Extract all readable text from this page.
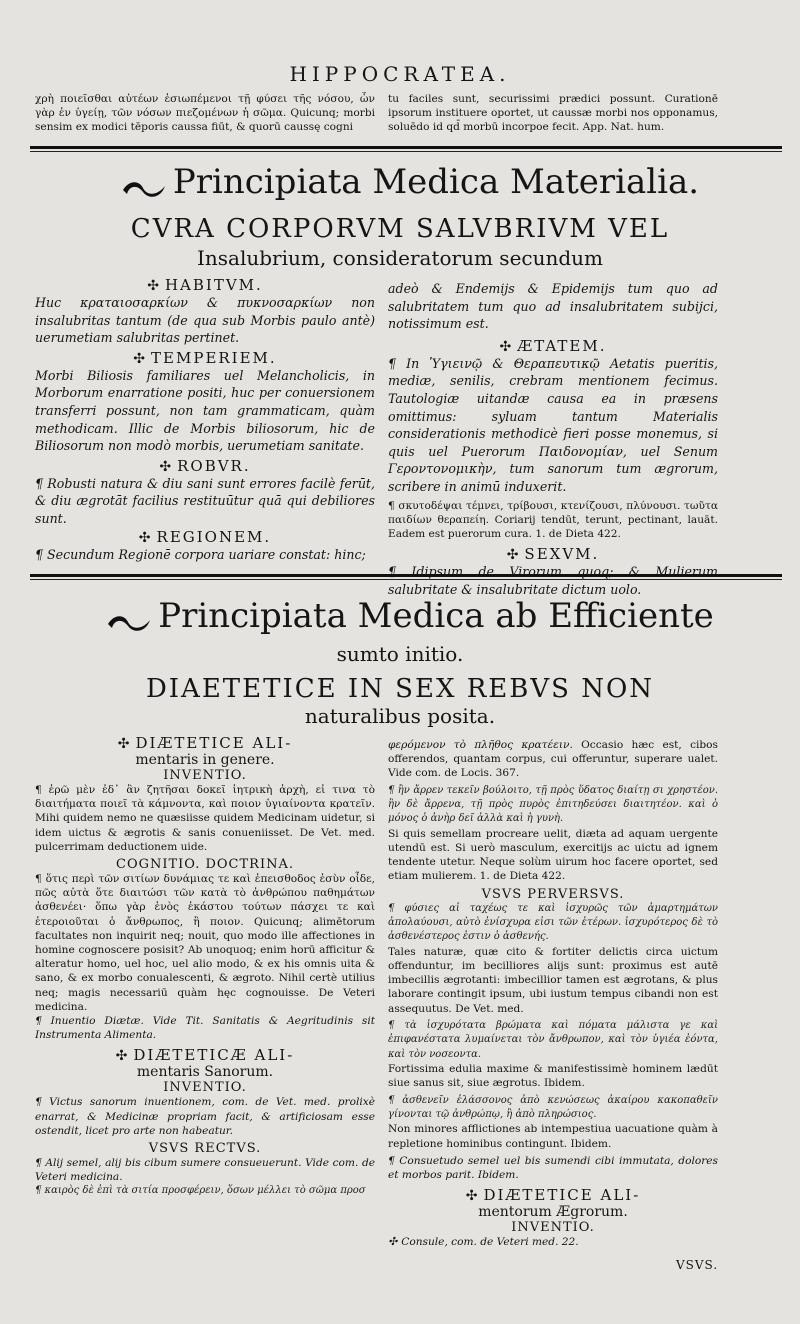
HIPPOCRATEA.
χρὴ ποιεῖσθαι αὐτέων ἐσιωπέμενοι τῇ φύσει τῆς νόσου, ὧν γὰρ ἐν ὑγείῃ, τῶν νόσων πιεζομένων ἡ σῶμα. Quicunq; morbi sensim ex modici tēporis caussa fiūt, & quorū caussę cogni
tu faciles sunt, securissimi prædici possunt. Curationē ipsorum instituere oportet, ut caussæ morbi nos opponamus, soluēdo id qd̄ morbū incorpoe fecit. App. Nat. hum.
Principiata Medica Materialia.
CVRA CORPORVM SALVBRIVM VEL
Insalubrium, consideratorum secundum
✣ HABITVM.
Huc κραταιοσαρκίων & πυκνοσαρκίων non insalubritas tantum (de qua sub Morbis paulo antè) uerumetiam salubritas pertinet.
✣ TEMPERIEM.
Morbi Biliosis familiares uel Melancholicis, in Morborum enarratione positi, huc per conuersionem transferri possunt, non tam grammaticam, quàm methodicam. Illic de Morbis biliosorum, hic de Biliosorum non modò morbis, uerumetiam sanitate.
✣ ROBVR.
¶ Robusti natura & diu sani sunt errores facilè ferūt, & diu ægrotāt facilius restituūtur quā qui debiliores sunt.
✣ REGIONEM.
¶ Secundum Regionē corpora uariare constat: hinc;
adeò & Endemijs & Epidemijs tum quo ad salubritatem tum quo ad insalubritatem subijci, notissimum est.
✣ ÆTATEM.
¶ In Ὑγιεινῷ & Θεραπευτικῷ Aetatis pueritis, mediæ, senilis, crebram mentionem fecimus. Tautologiæ uitandæ causa ea in præsens omittimus: syluam tantum Materialis considerationis methodicè fieri posse monemus, si quis uel Puerorum Παιδονομίαν, uel Senum Γεροντονομικὴν, tum sanorum tum ægrorum, scribere in animū induxerit.
¶ σκυτοδέψαι τέμνει, τρίβουσι, κτενίζουσι, πλύνουσι. τωῦτα παιδίων θεραπείη. Coriarij tendūt, terunt, pectinant, lauāt. Eadem est puerorum cura. 1. de Dieta 422.
✣ SEXVM.
¶ Idipsum de Virorum quoq; & Mulierum salubritate & insalubritate dictum uolo.
Principiata Medica ab Efficiente
sumto initio.
DIAETETICE IN SEX REBVS NON
naturalibus posita.
✣ DIÆTETICE ALI-
mentaris in genere.
INVENTIO.
¶ ἐρῶ μὲν ἐδ᾽ ἂν ζητῆσαι δοκεῖ ἰητρικὴ ἀρχὴ, εἰ τινα τὸ διαιτήματα ποιεῖ τὰ κάμνοντα, καὶ ποιον ὑγιαίνοντα κρατεῖν. Mihi quidem nemo ne quæsiisse quidem Medicinam uidetur, si idem uictus & ægrotis & sanis conueniisset. De Vet. med. pulcerrimam deductionem uide.
COGNITIO. DOCTRINA.
¶ ὅτις περὶ τῶν σιτίων δυνάμιας τε καὶ ἐπεισθοδος ἐσὺν οἶδε, πῶς αὐτὰ ὅτε διαιτώσι τῶν κατὰ τὸ ἀνθρώπου παθημάτων ἀσθενέει· ὅπω γὰρ ἑνὸς ἑκάστου τούτων πάσχει τε καὶ ἑτεροιοῦται ὁ ἄνθρωπος, ἢ ποιον. Quicunq; alimētorum facultates non inquirit neq; nouit, quo modo ille affectiones in homine cognoscere posisit? Ab unoquoq; enim horū afficitur & alteratur homo, uel hoc, uel alio modo, & ex his omnis uita & sano, & ex morbo conualescenti, & ægroto. Nihil certè utilius neq; magis necessariū quàm hęc cognouisse. De Veteri medicina.
¶ Inuentio Diætæ. Vide Tit. Sanitatis & Aegritudinis sit Instrumenta Alimenta.
✣ DIÆTETICÆ ALI-
mentaris Sanorum.
INVENTIO.
¶ Victus sanorum inuentionem, com. de Vet. med. prolixè enarrat, & Medicinæ propriam facit, & artificiosam esse ostendit, licet pro arte non habeatur.
VSVS RECTVS.
¶ Alij semel, alij bis cibum sumere consueuerunt. Vide com. de Veteri medicina.
¶ καιρὸς δὲ ἐπὶ τὰ σιτία προσφέρειν, ὅσων μέλλει τὸ σῶμα προσ
φερόμενον τὸ πλῆθος κρατέειν. Occasio hæc est, cibos offerendos, quantam corpus, cui offeruntur, superare ualet. Vide com. de Locis. 367.
¶ ἢν ἄρρεν τεκεῖν βούλοιτο, τῇ πρὸς ὕδατος διαίτῃ σι χρηστέον. ἢν δὲ ἄρρενα, τῇ πρὸς πυρὸς ἐπιτηδεύσει διαιτητέον. καὶ ὁ μόνος ὁ ἀνὴρ δεῖ ἀλλὰ καὶ ἡ γυνὴ.
Si quis semellam procreare uelit, diæta ad aquam uergente utendū est. Si uerò masculum, exercitijs ac uictu ad ignem tendente utetur. Neque solùm uirum hoc facere oportet, sed etiam mulierem. 1. de Dieta 422.
VSVS PERVERSVS.
¶ φύσιες αἱ ταχέως τε καὶ ἰσχυρῶς τῶν ἁμαρτημάτων ἀπολαύουσι, αὐτὸ ἐνίσχυρα εἰσι τῶν ἑτέρων. ἰσχυρότερος δὲ τὸ ἀσθενέστερος ἐστιν ὁ ἀσθενής.
Tales naturæ, quæ cito & fortiter delictis circa uictum offenduntur, im becilliores alijs sunt: proximus est autē imbecillis ægrotanti: imbecillior tamen est ægrotans, & plus laborare contingit ipsum, ubi iustum tempus cibandi non est assequutus. De Vet. med.
¶ τὰ ἰσχυρότατα βρώματα καὶ πόματα μάλιστα γε καὶ ἐπιφανέστατα λυμαίνεται τὸν ἄνθρωπον, καὶ τὸν ὑγιέα ἐόντα, καὶ τὸν νοσεοντα.
Fortissima edulia maxime & manifestissimè hominem lædūt siue sanus sit, siue ægrotus. Ibidem.
¶ ἀσθενεῖν ἐλάσσονος ἀπὸ κενώσεως ἀκαίρου κακοπαθεῖν γίνονται τῷ ἀνθρώπῳ, ἢ ἀπὸ πληρώσιος.
Non minores afflictiones ab intempestiua uacuatione quàm à repletione hominibus contingunt. Ibidem.
¶ Consuetudo semel uel bis sumendi cibi immutata, dolores et morbos parit. Ibidem.
✣ DIÆTETICE ALI-
mentorum Ægrorum.
INVENTIO.
✣ Consule, com. de Veteri med. 22.
VSVS.
